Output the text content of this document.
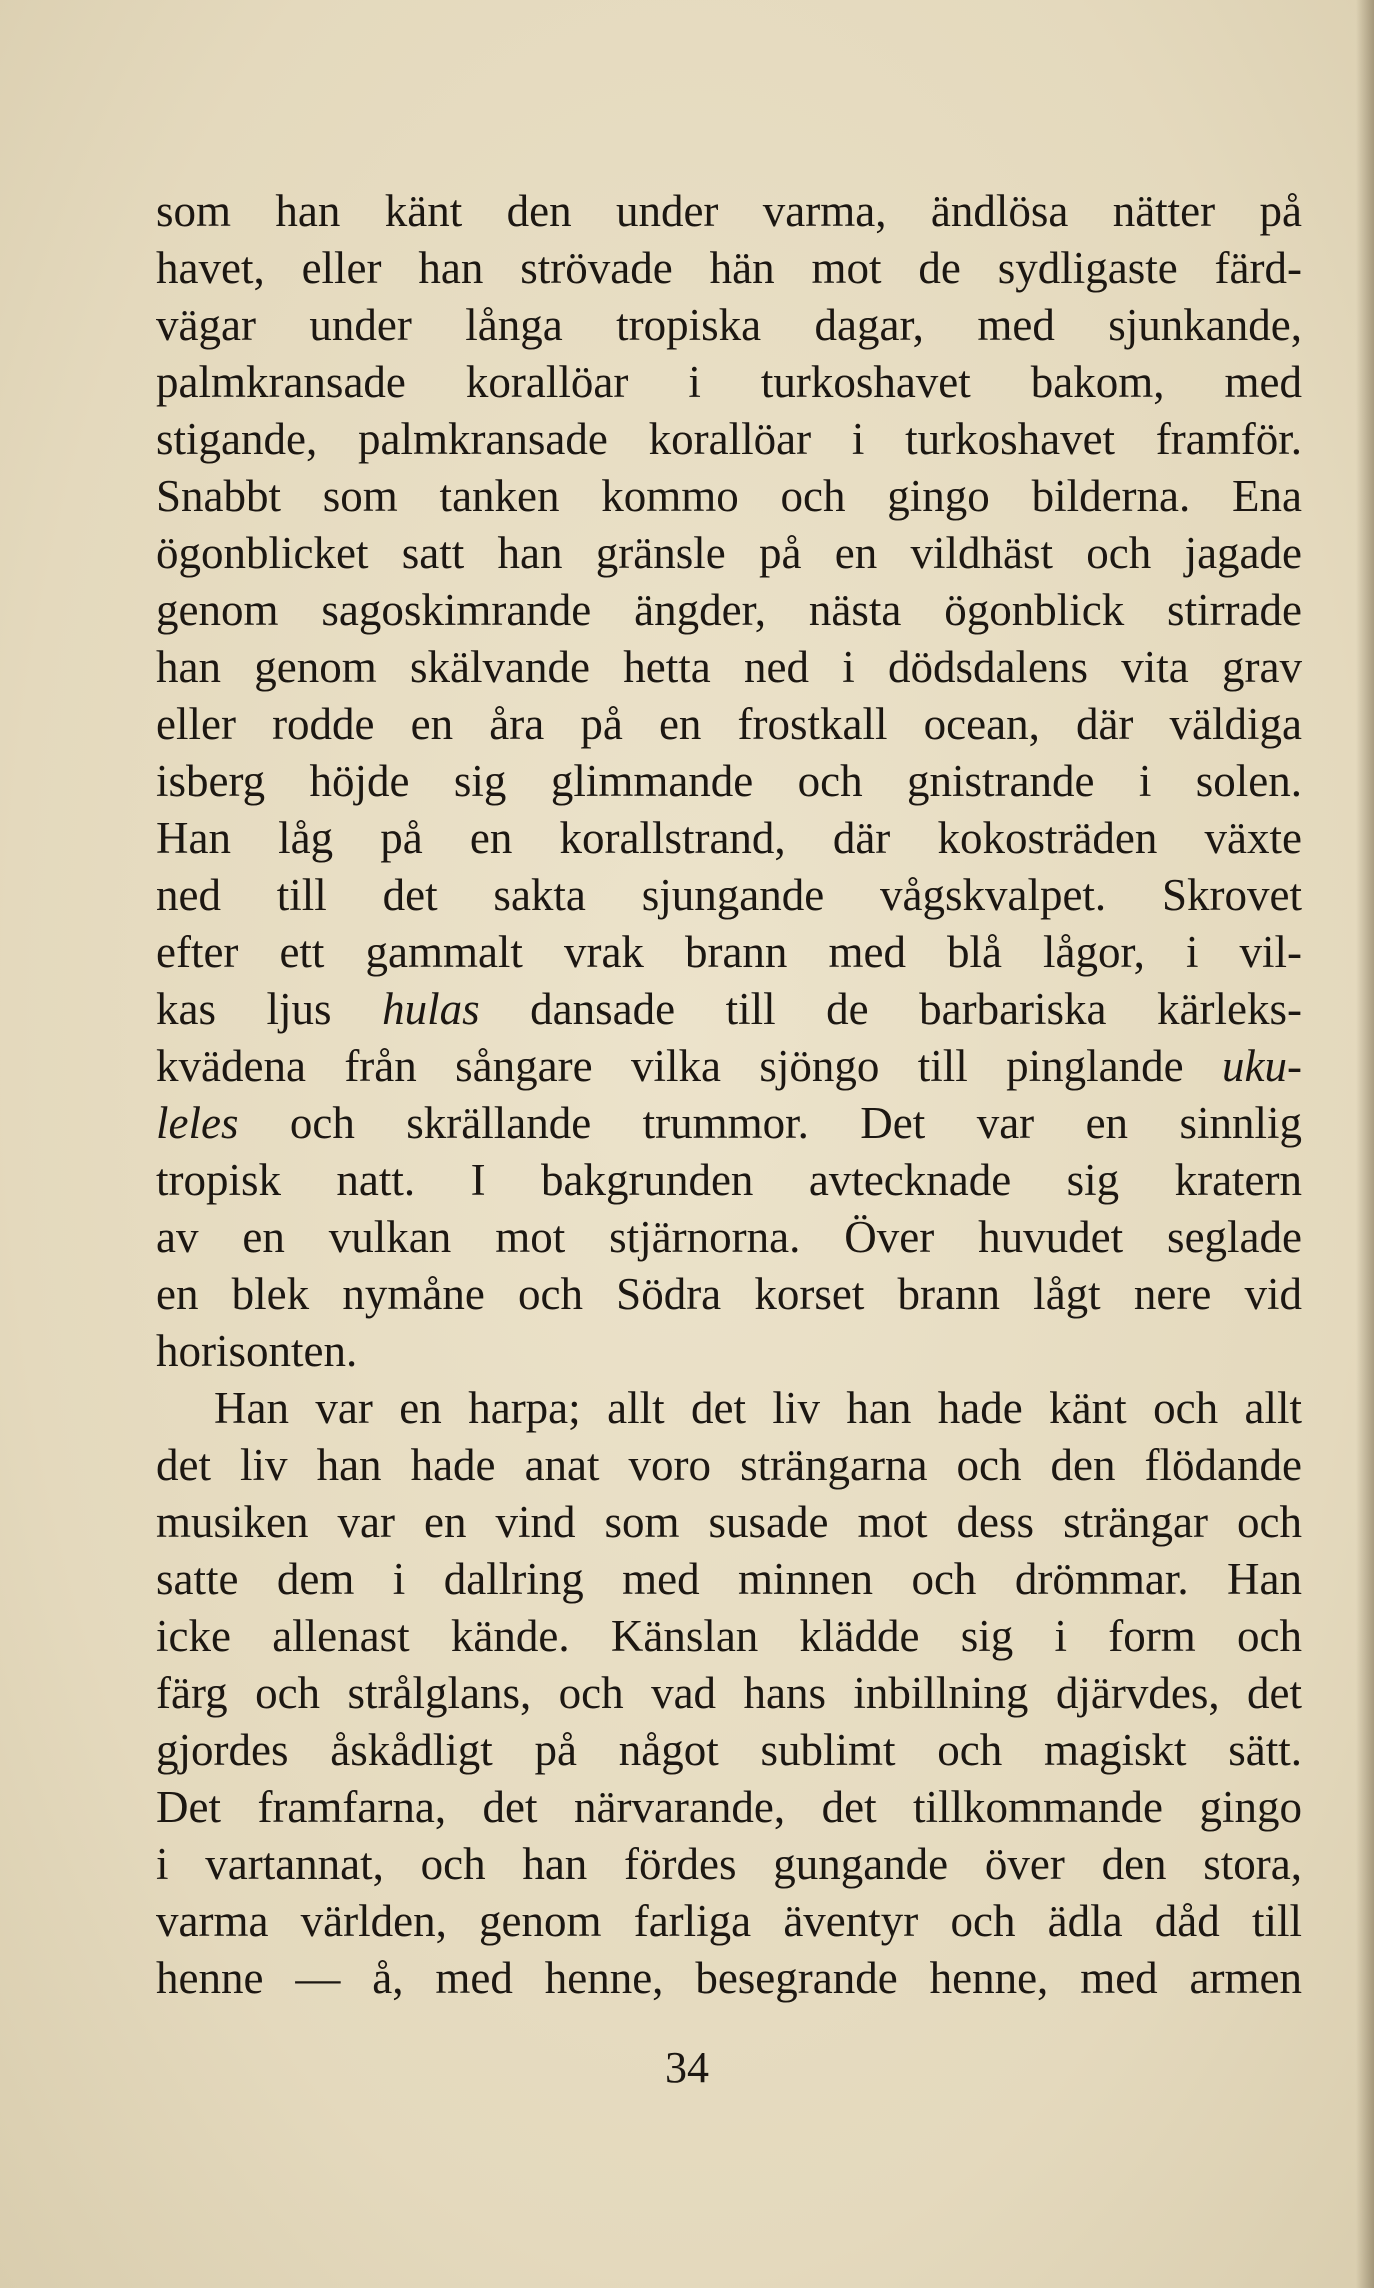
som han känt den under varma, ändlösa nätter på
havet, eller han strövade hän mot de sydligaste färd-
vägar under långa tropiska dagar, med sjunkande,
palmkransade korallöar i turkoshavet bakom, med
stigande, palmkransade korallöar i turkoshavet framför.
Snabbt som tanken kommo och gingo bilderna. Ena
ögonblicket satt han gränsle på en vildhäst och jagade
genom sagoskimrande ängder, nästa ögonblick stirrade
han genom skälvande hetta ned i dödsdalens vita grav
eller rodde en åra på en frostkall ocean, där väldiga
isberg höjde sig glimmande och gnistrande i solen.
Han låg på en korallstrand, där kokosträden växte
ned till det sakta sjungande vågskvalpet. Skrovet
efter ett gammalt vrak brann med blå lågor, i vil-
kas ljus hulas dansade till de barbariska kärleks-
kvädena från sångare vilka sjöngo till pinglande uku-
leles och skrällande trummor. Det var en sinnlig
tropisk natt. I bakgrunden avtecknade sig kratern
av en vulkan mot stjärnorna. Över huvudet seglade
en blek nymåne och Södra korset brann lågt nere vid
horisonten.
Han var en harpa; allt det liv han hade känt och allt
det liv han hade anat voro strängarna och den flödande
musiken var en vind som susade mot dess strängar och
satte dem i dallring med minnen och drömmar. Han
icke allenast kände. Känslan klädde sig i form och
färg och strålglans, och vad hans inbillning djärvdes, det
gjordes åskådligt på något sublimt och magiskt sätt.
Det framfarna, det närvarande, det tillkommande gingo
i vartannat, och han fördes gungande över den stora,
varma världen, genom farliga äventyr och ädla dåd till
henne — å, med henne, besegrande henne, med armen
34
